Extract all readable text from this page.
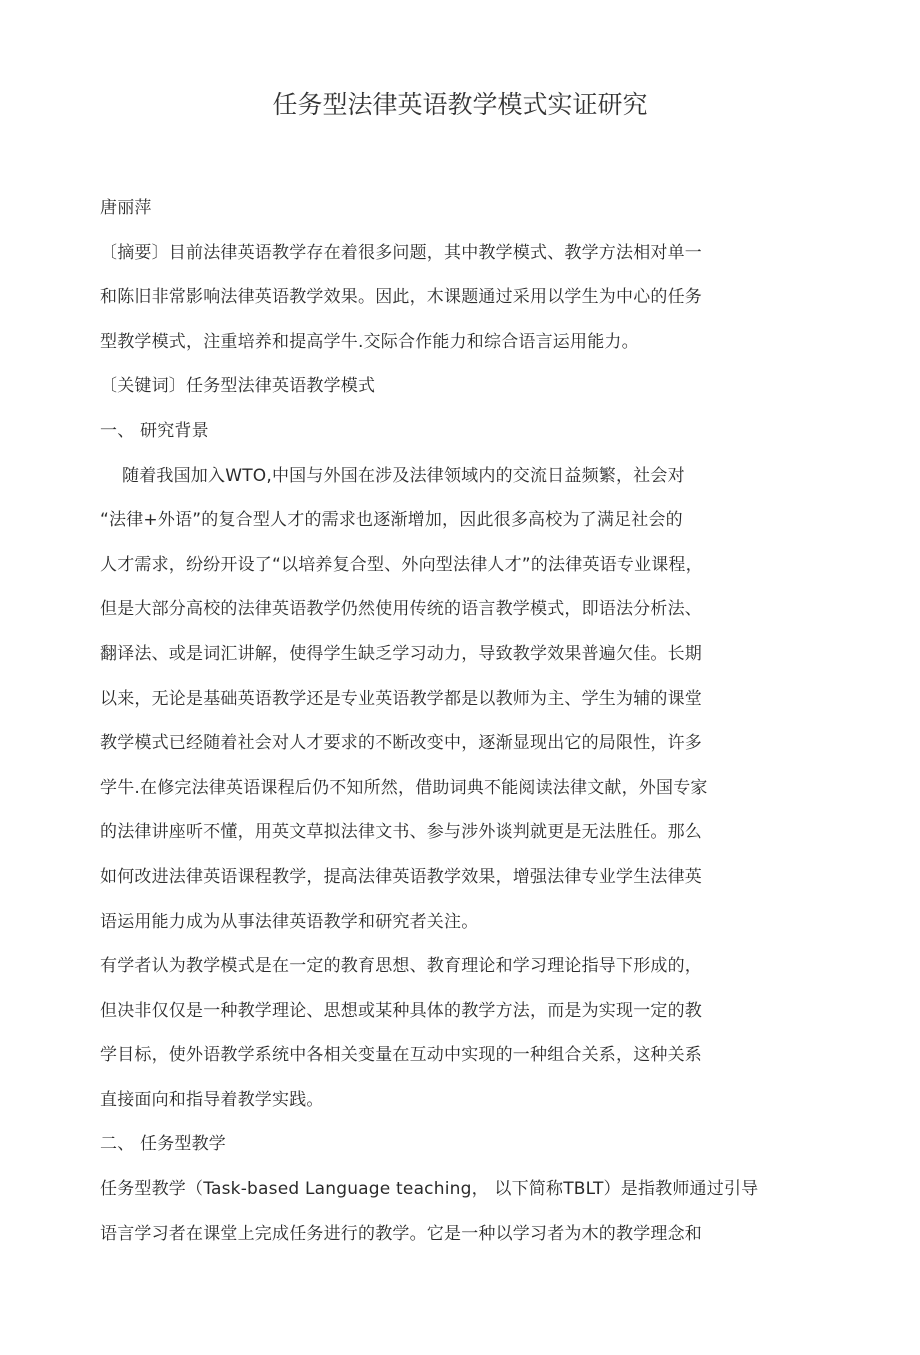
任务型法律英语教学模式实证研究
唐丽萍
〔摘要〕目前法律英语教学存在着很多问题，其中教学模式、教学方法相对单一
和陈旧非常影响法律英语教学效果。因此，木课题通过采用以学生为中心的任务
型教学模式，注重培养和提高学牛.交际合作能力和综合语言运用能力。
〔关键词〕任务型法律英语教学模式
一、 研究背景
随着我国加入WTO,中国与外国在涉及法律领域内的交流日益频繁，社会对
“法律+外语”的复合型人才的需求也逐渐增加，因此很多高校为了满足社会的
人才需求，纷纷开设了“以培养复合型、外向型法律人才”的法律英语专业课程，
但是大部分高校的法律英语教学仍然使用传统的语言教学模式，即语法分析法、
翻译法、或是词汇讲解，使得学生缺乏学习动力，导致教学效果普遍欠佳。长期
以来，无论是基础英语教学还是专业英语教学都是以教师为主、学生为辅的课堂
教学模式已经随着社会对人才要求的不断改变中，逐渐显现出它的局限性，许多
学牛.在修完法律英语课程后仍不知所然，借助词典不能阅读法律文献，外国专家
的法律讲座听不懂，用英文草拟法律文书、参与涉外谈判就更是无法胜任。那么
如何改进法律英语课程教学，提高法律英语教学效果，增强法律专业学生法律英
语运用能力成为从事法律英语教学和研究者关注。
有学者认为教学模式是在一定的教育思想、教育理论和学习理论指导下形成的，
但决非仅仅是一种教学理论、思想或某种具体的教学方法，而是为实现一定的教
学目标，使外语教学系统中各相关变量在互动中实现的一种组合关系，这种关系
直接面向和指导着教学实践。
二、 任务型教学
任务型教学（Task-based Language teaching， 以下简称TBLT）是指教师通过引导
语言学习者在课堂上完成任务进行的教学。它是一种以学习者为木的教学理念和
